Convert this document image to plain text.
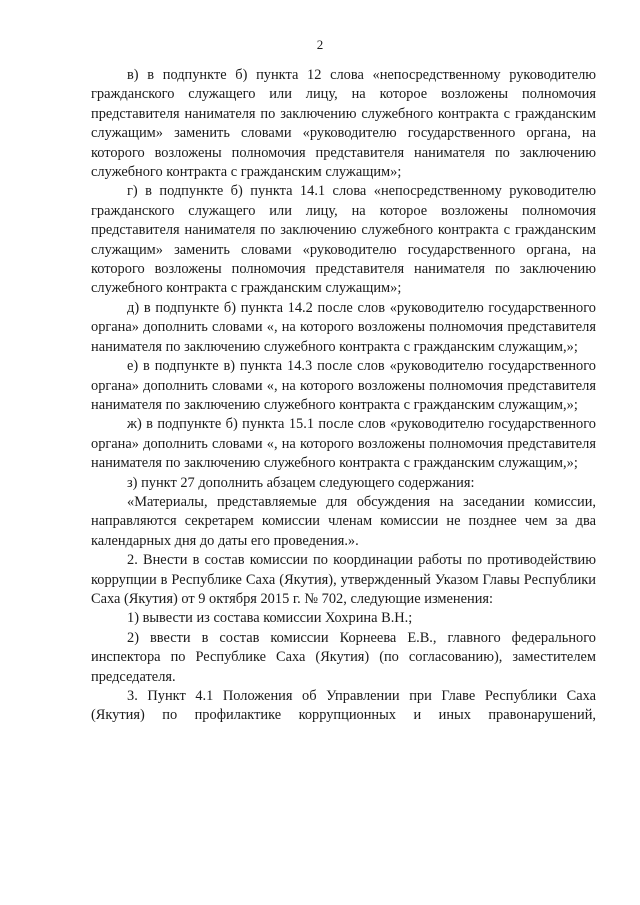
2

в) в подпункте б) пункта 12 слова «непосредственному руководителю гражданского служащего или лицу, на которое возложены полномочия представителя нанимателя по заключению служебного контракта с гражданским служащим» заменить словами «руководителю государственного органа, на которого возложены полномочия представителя нанимателя по заключению служебного контракта с гражданским служащим»;

г) в подпункте б) пункта 14.1 слова «непосредственному руководителю гражданского служащего или лицу, на которое возложены полномочия представителя нанимателя по заключению служебного контракта с гражданским служащим» заменить словами «руководителю государственного органа, на которого возложены полномочия представителя нанимателя по заключению служебного контракта с гражданским служащим»;

д) в подпункте б) пункта 14.2 после слов «руководителю государственного органа» дополнить словами «, на которого возложены полномочия представителя нанимателя по заключению служебного контракта с гражданским служащим,»;

е) в подпункте в) пункта 14.3 после слов «руководителю государственного органа» дополнить словами «, на которого возложены полномочия представителя нанимателя по заключению служебного контракта с гражданским служащим,»;

ж) в подпункте б) пункта 15.1 после слов «руководителю государственного органа» дополнить словами «, на которого возложены полномочия представителя нанимателя по заключению служебного контракта с гражданским служащим,»;

з) пункт 27 дополнить абзацем следующего содержания:

«Материалы, представляемые для обсуждения на заседании комиссии, направляются секретарем комиссии членам комиссии не позднее чем за два календарных дня до даты его проведения.».

2. Внести в состав комиссии по координации работы по противодействию коррупции в Республике Саха (Якутия), утвержденный Указом Главы Республики Саха (Якутия) от 9 октября 2015 г. № 702, следующие изменения:

1) вывести из состава комиссии Хохрина В.Н.;

2) ввести в состав комиссии Корнеева Е.В., главного федерального инспектора по Республике Саха (Якутия) (по согласованию), заместителем председателя.

3. Пункт 4.1 Положения об Управлении при Главе Республики Саха (Якутия) по профилактике коррупционных и иных правонарушений,
